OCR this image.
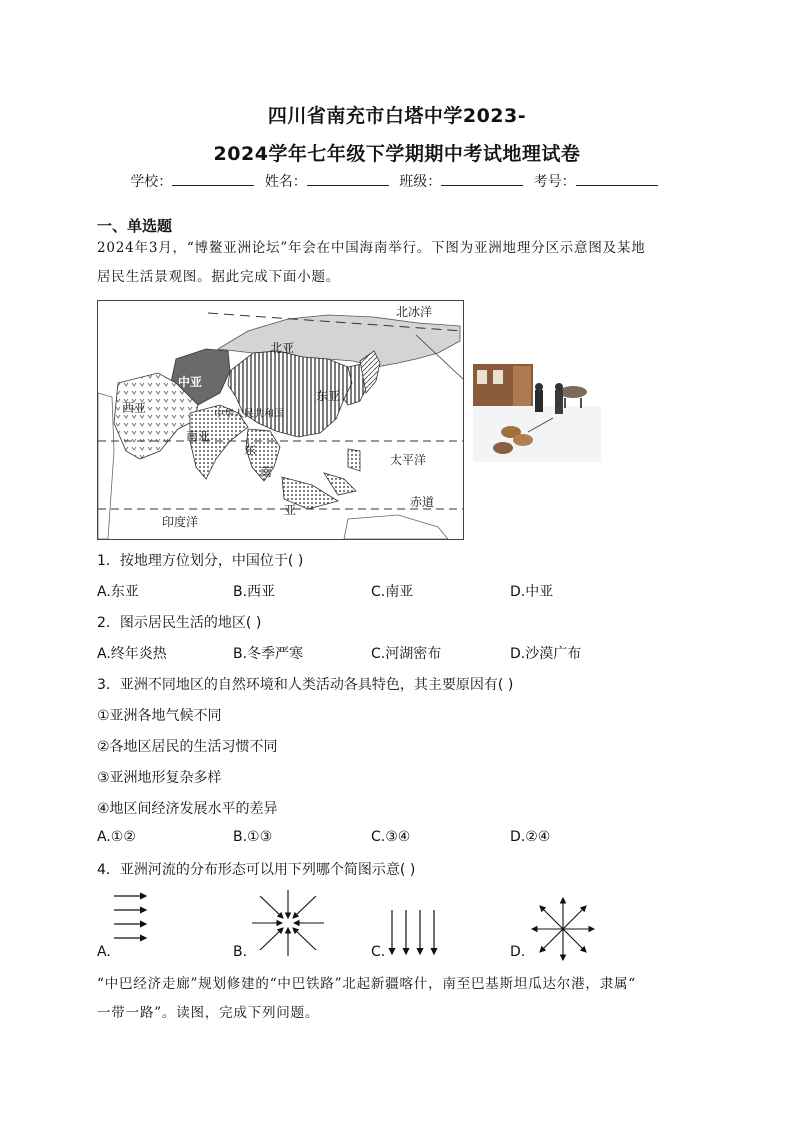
四川省南充市白塔中学2023-
2024学年七年级下学期期中考试地理试卷
学校：	姓名：	班级：	考号：
一、单选题
2024年3月，“博鳌亚洲论坛”年会在中国海南举行。下图为亚洲地理分区示意图及某地
居民生活景观图。据此完成下面小题。
北冰洋
北亚
中亚
西亚
东亚
中华人民共和国
南亚
东
南
亚
太平洋
赤道
印度洋
1．按地理方位划分，中国位于( )
A.东亚	B.西亚	C.南亚	D.中亚
2．图示居民生活的地区( )
A.终年炎热	B.冬季严寒	C.河湖密布	D.沙漠广布
3．亚洲不同地区的自然环境和人类活动各具特色，其主要原因有( )
①亚洲各地气候不同
②各地区居民的生活习惯不同
③亚洲地形复杂多样
④地区间经济发展水平的差异
A.①②	B.①③	C.③④	D.②④
4．亚洲河流的分布形态可以用下列哪个简图示意( )
A.	B.	C.	D.
“中巴经济走廊”规划修建的“中巴铁路”北起新疆喀什，南至巴基斯坦瓜达尔港，隶属“
一带一路”。读图，完成下列问题。
